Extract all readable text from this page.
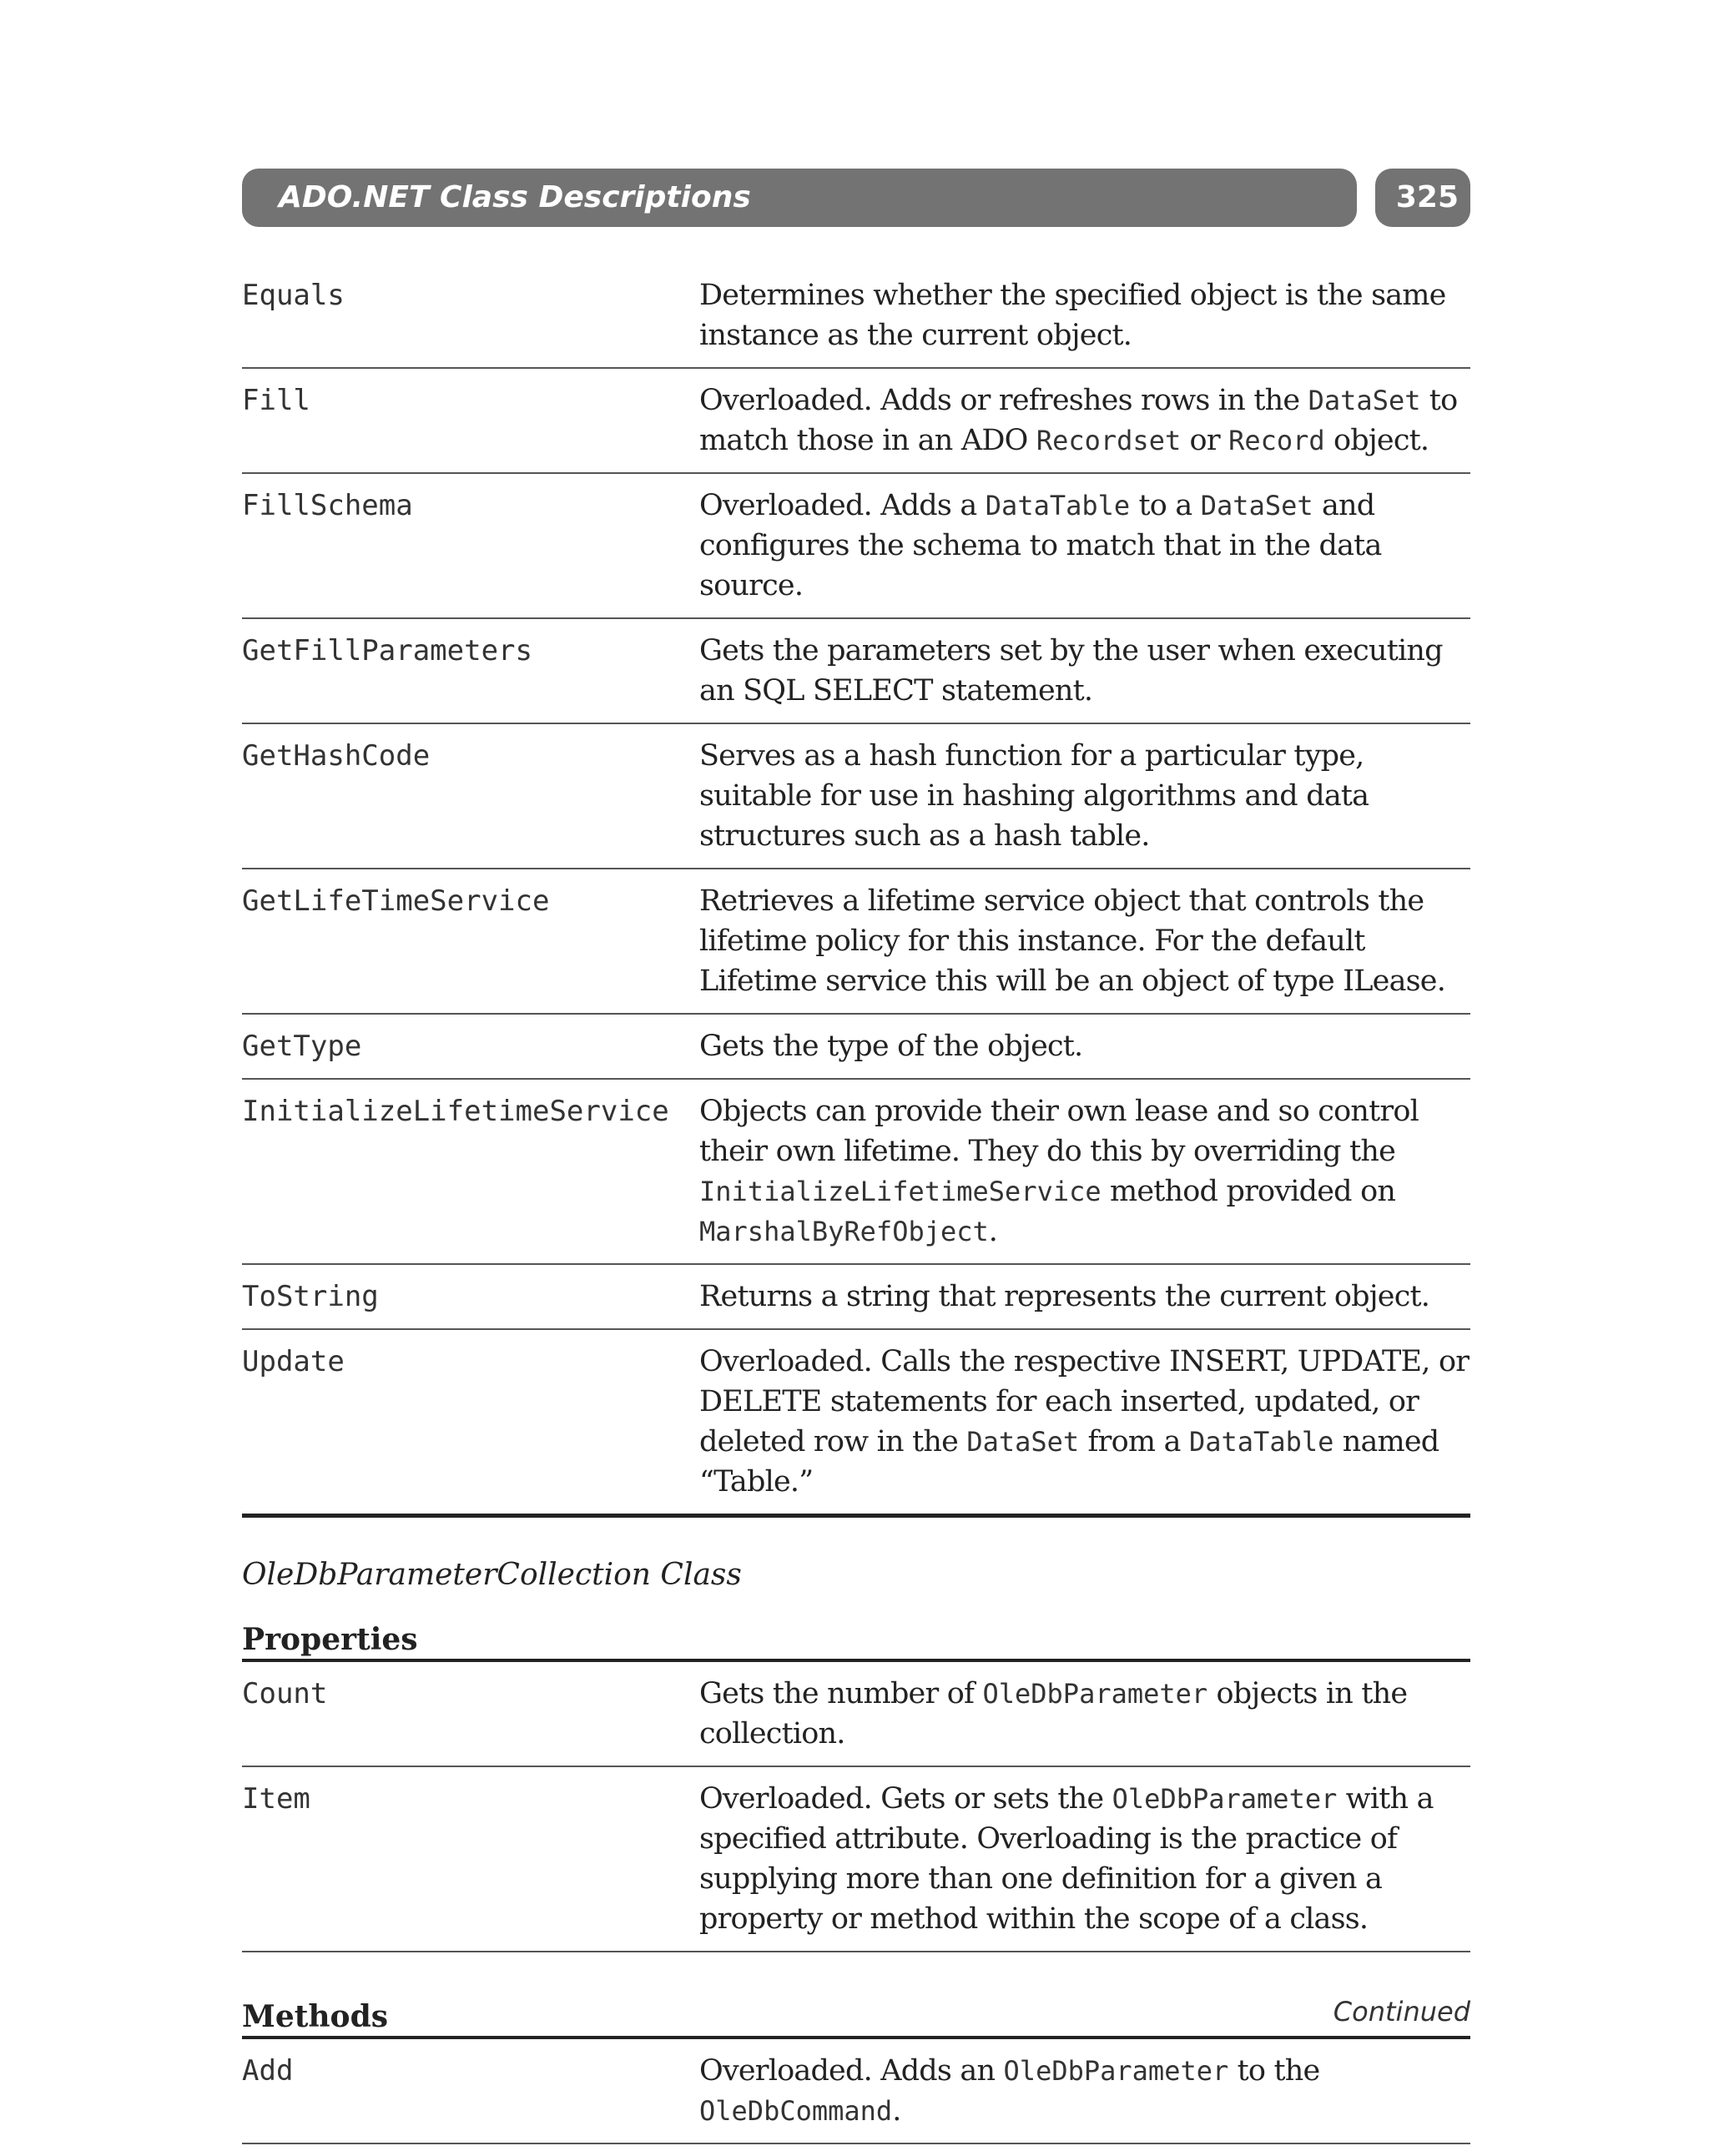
ADO.NET Class Descriptions	325
Equals	Determines whether the specified object is the same instance as the current object.
Fill	Overloaded. Adds or refreshes rows in the DataSet to match those in an ADO Recordset or Record object.
FillSchema	Overloaded. Adds a DataTable to a DataSet and configures the schema to match that in the data source.
GetFillParameters	Gets the parameters set by the user when executing an SQL SELECT statement.
GetHashCode	Serves as a hash function for a particular type, suitable for use in hashing algorithms and data structures such as a hash table.
GetLifeTimeService	Retrieves a lifetime service object that controls the lifetime policy for this instance. For the default Lifetime service this will be an object of type ILease.
GetType	Gets the type of the object.
InitializeLifetimeService	Objects can provide their own lease and so control their own lifetime. They do this by overriding the InitializeLifetimeService method provided on MarshalByRefObject.
ToString	Returns a string that represents the current object.
Update	Overloaded. Calls the respective INSERT, UPDATE, or DELETE statements for each inserted, updated, or deleted row in the DataSet from a DataTable named “Table.”
OleDbParameterCollection Class
Properties
Count	Gets the number of OleDbParameter objects in the collection.
Item	Overloaded. Gets or sets the OleDbParameter with a specified attribute. Overloading is the practice of supplying more than one definition for a given a property or method within the scope of a class.
Methods
Add	Overloaded. Adds an OleDbParameter to the OleDbCommand.
Continued
